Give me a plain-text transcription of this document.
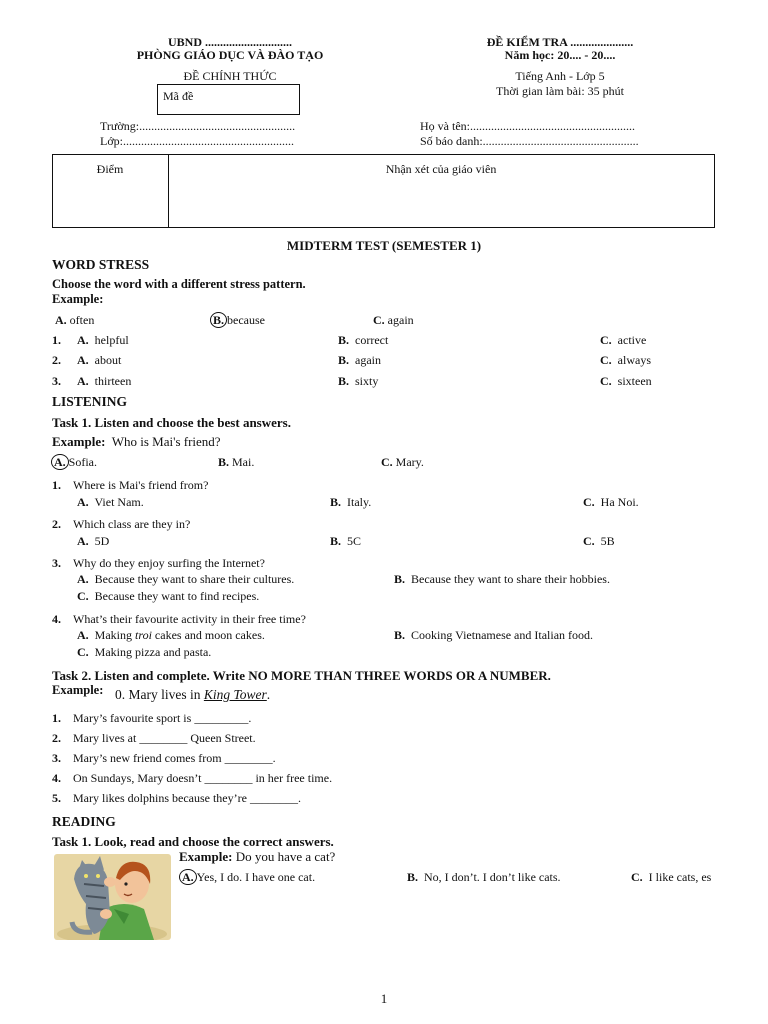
UBND .............................
PHÒNG GIÁO DỤC VÀ ĐÀO TẠO
ĐỀ CHÍNH THỨC
Mã đề
ĐỀ KIỂM TRA .....................
Năm học: 20.... - 20....
Tiếng Anh - Lớp 5
Thời gian làm bài: 35 phút
Trường:....................................................
Lớp:.........................................................
Họ và tên:.......................................................
Số báo danh:....................................................
Điểm	Nhận xét của giáo viên
MIDTERM TEST (SEMESTER 1)
WORD STRESS
Choose the word with a different stress pattern.
Example:
A. often	B. because	C. again
1. A. helpful	B. correct	C. active
2. A. about	B. again	C. always
3. A. thirteen	B. sixty	C. sixteen
LISTENING
Task 1. Listen and choose the best answers.
Example: Who is Mai's friend?
A. Sofia.	B. Mai.	C. Mary.
1. Where is Mai's friend from?
A. Viet Nam.	B. Italy.	C. Ha Noi.
2. Which class are they in?
A. 5D	B. 5C	C. 5B
3. Why do they enjoy surfing the Internet?
A. Because they want to share their cultures.	B. Because they want to share their hobbies.
C. Because they want to find recipes.
4. What’s their favourite activity in their free time?
A. Making troi cakes and moon cakes.	B. Cooking Vietnamese and Italian food.
C. Making pizza and pasta.
Task 2. Listen and complete. Write NO MORE THAN THREE WORDS OR A NUMBER.
Example: 0. Mary lives in King Tower.
1. Mary’s favourite sport is _________.
2. Mary lives at ________ Queen Street.
3. Mary’s new friend comes from ________.
4. On Sundays, Mary doesn’t ________ in her free time.
5. Mary likes dolphins because they’re ________.
READING
Task 1. Look, read and choose the correct answers.
Example: Do you have a cat?
A. Yes, I do. I have one cat.	B. No, I don’t. I don’t like cats.	C. I like cats, es
1
